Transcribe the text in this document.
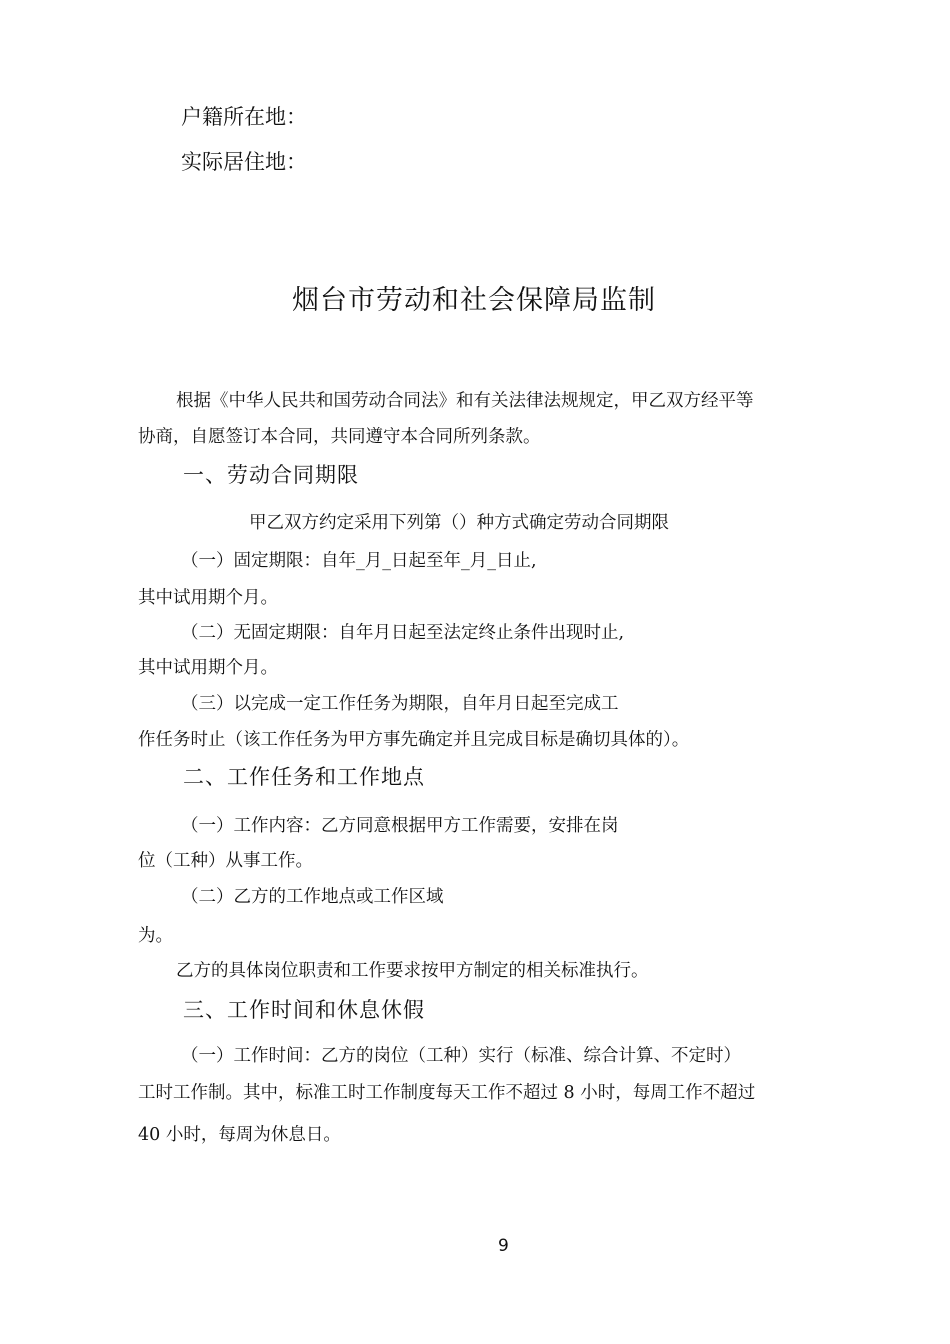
户籍所在地：
实际居住地：
烟台市劳动和社会保障局监制
根据《中华人民共和国劳动合同法》和有关法律法规规定，甲乙双方经平等
协商，自愿签订本合同，共同遵守本合同所列条款。
一、劳动合同期限
甲乙双方约定采用下列第（）种方式确定劳动合同期限
（一）固定期限：自年_月_日起至年_月_日止,
其中试用期个月。
（二）无固定期限：自年月日起至法定终止条件出现时止,
其中试用期个月。
（三）以完成一定工作任务为期限，自年月日起至完成工
作任务时止（该工作任务为甲方事先确定并且完成目标是确切具体的）。
二、工作任务和工作地点
（一）工作内容：乙方同意根据甲方工作需要，安排在岗
位（工种）从事工作。
（二）乙方的工作地点或工作区域
为。
乙方的具体岗位职责和工作要求按甲方制定的相关标准执行。
三、工作时间和休息休假
（一）工作时间：乙方的岗位（工种）实行（标准、综合计算、不定时）
工时工作制。其中，标准工时工作制度每天工作不超过 8 小时，每周工作不超过
40 小时，每周为休息日。
9
